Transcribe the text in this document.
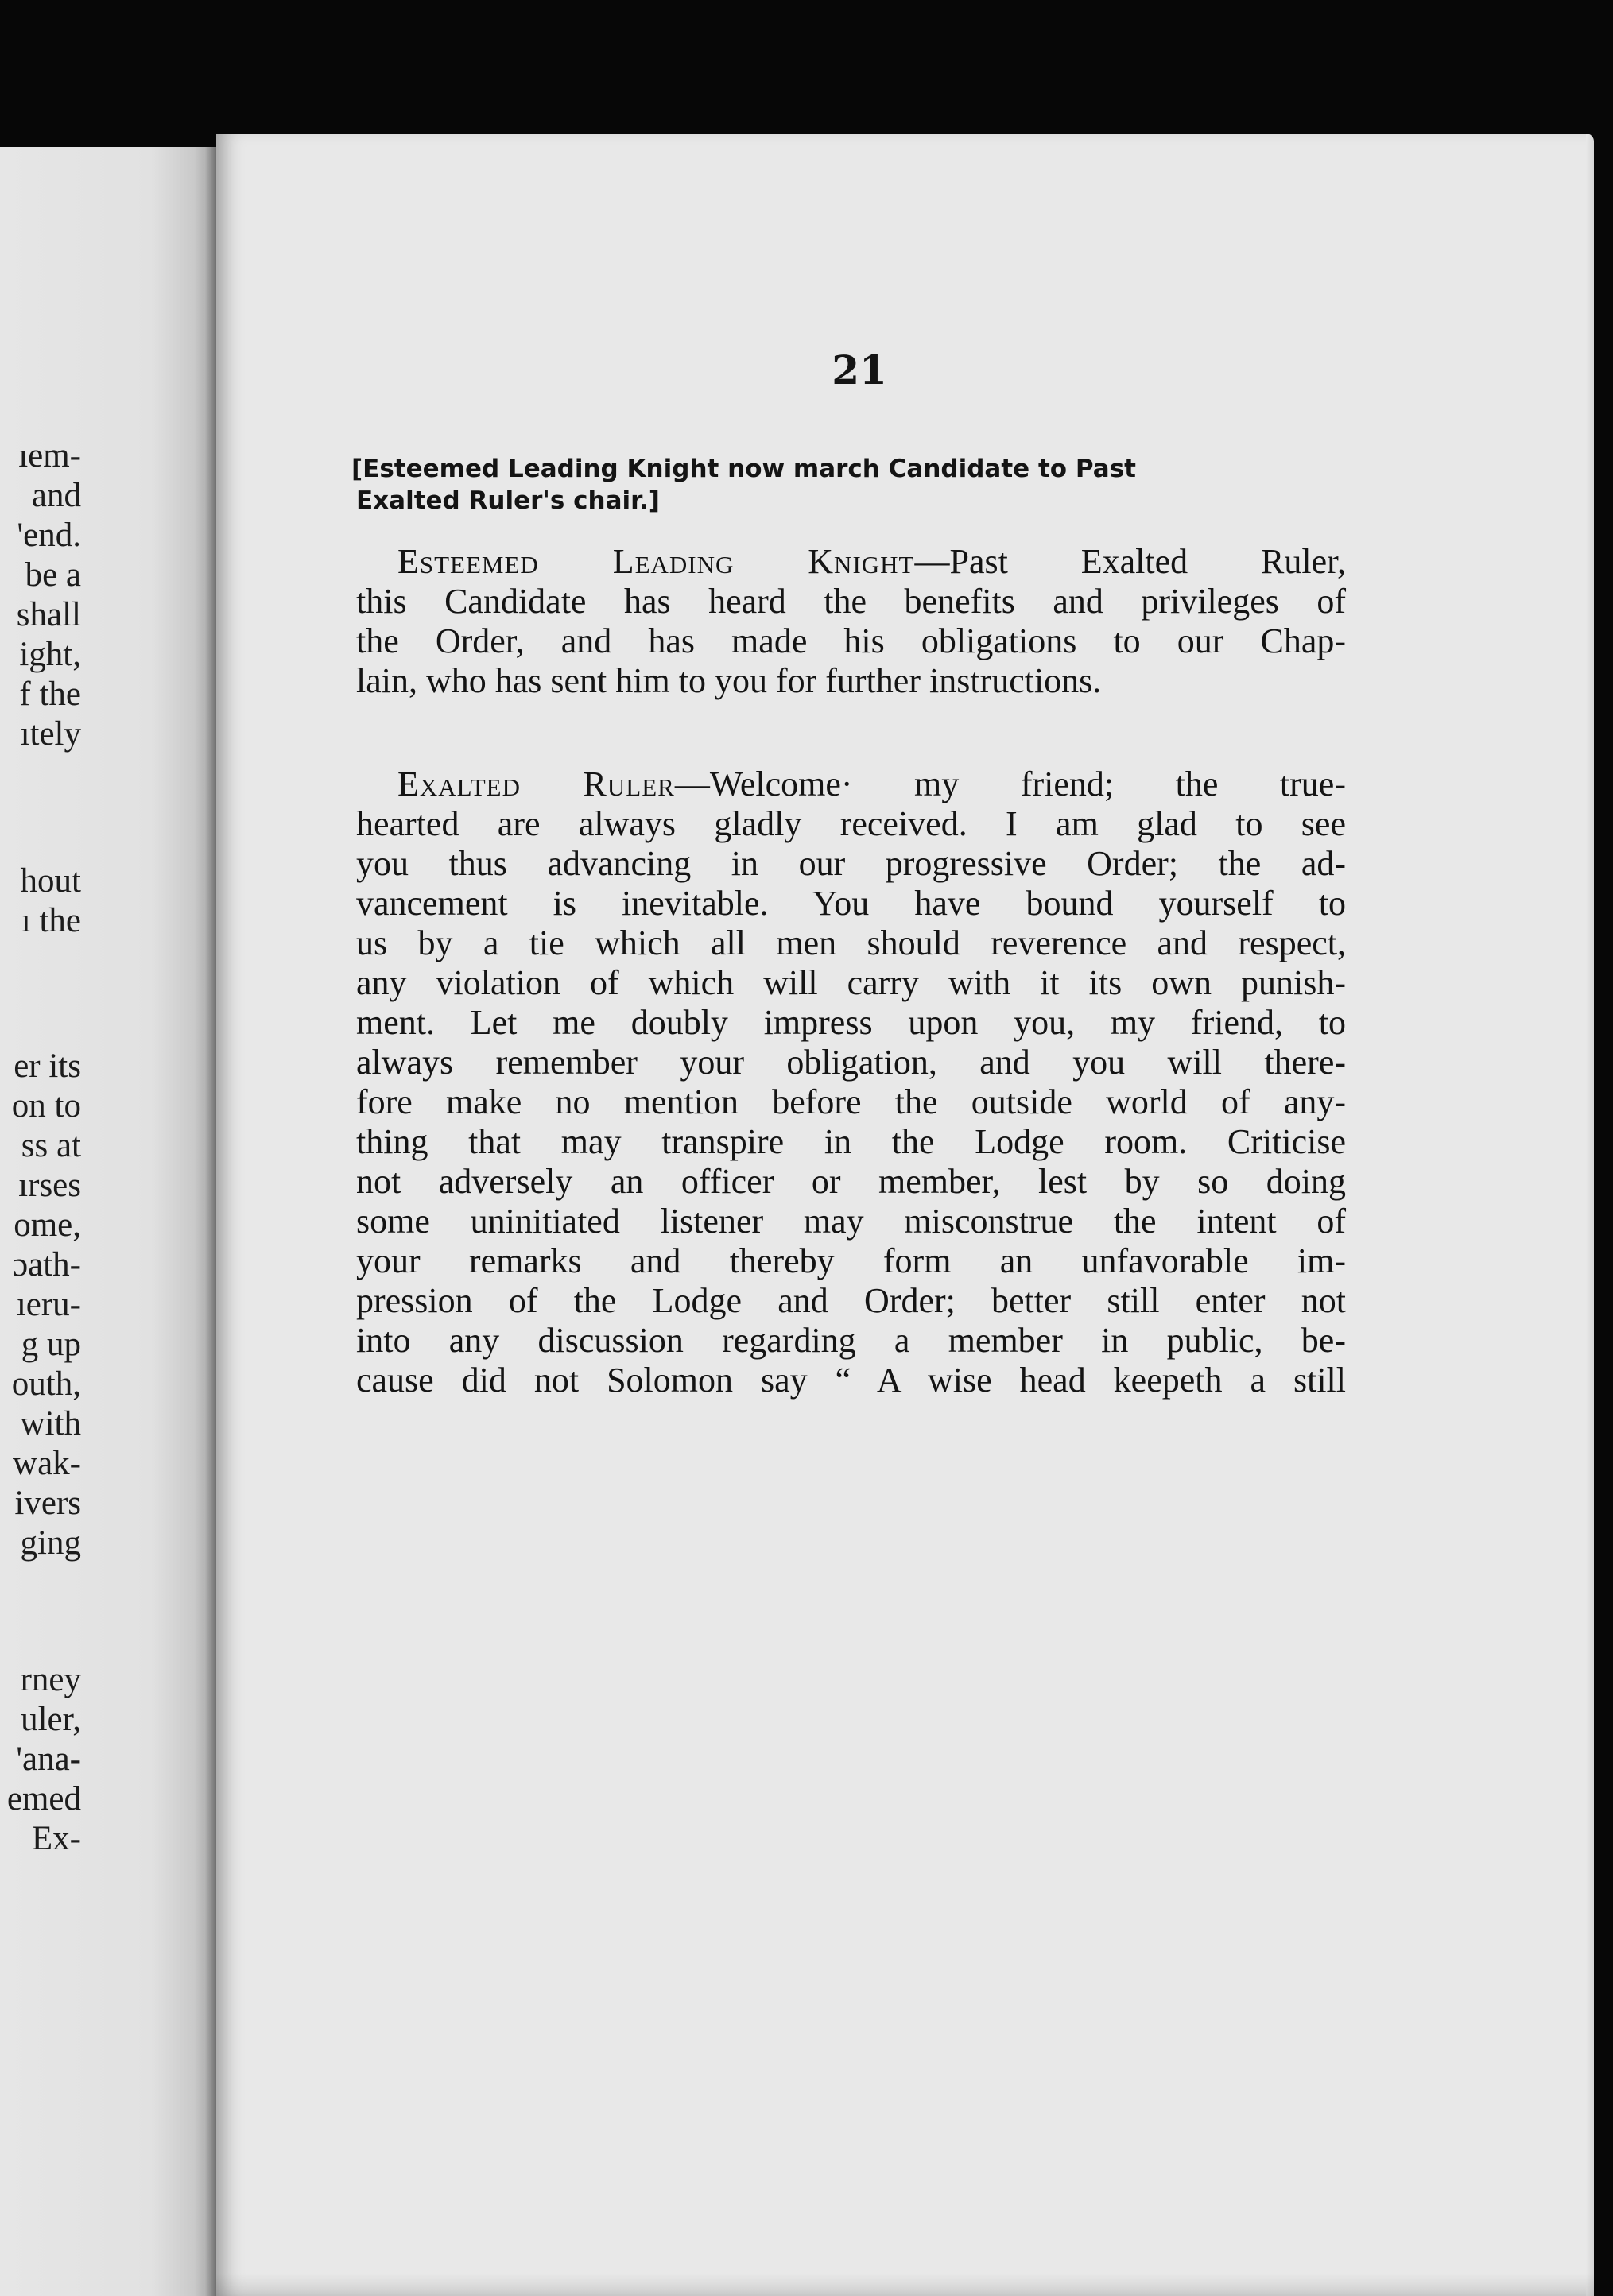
ıem-
and
'end.
be a
shall
ight,
f the
ıtely
hout
ı the
er its
on to
ss at
ırses
ome,
ɔath-
ıeru-
g up
outh,
with
wak-
ivers
ging
rney
uler,
'ana-
emed
Ex-
21
[Esteemed Leading Knight now march Candidate to Past
Exalted Ruler's chair.]
Esteemed Leading Knight—Past Exalted Ruler,
this Candidate has heard the benefits and privileges of
the Order, and has made his obligations to our Chap-
lain, who has sent him to you for further instructions.
Exalted Ruler—Welcome· my friend; the true-
hearted are always gladly received. I am glad to see
you thus advancing in our progressive Order; the ad-
vancement is inevitable. You have bound yourself to
us by a tie which all men should reverence and respect,
any violation of which will carry with it its own punish-
ment. Let me doubly impress upon you, my friend, to
always remember your obligation, and you will there-
fore make no mention before the outside world of any-
thing that may transpire in the Lodge room. Criticise
not adversely an officer or member, lest by so doing
some uninitiated listener may misconstrue the intent of
your remarks and thereby form an unfavorable im-
pression of the Lodge and Order; better still enter not
into any discussion regarding a member in public, be-
cause did not Solomon say “ A wise head keepeth a still
